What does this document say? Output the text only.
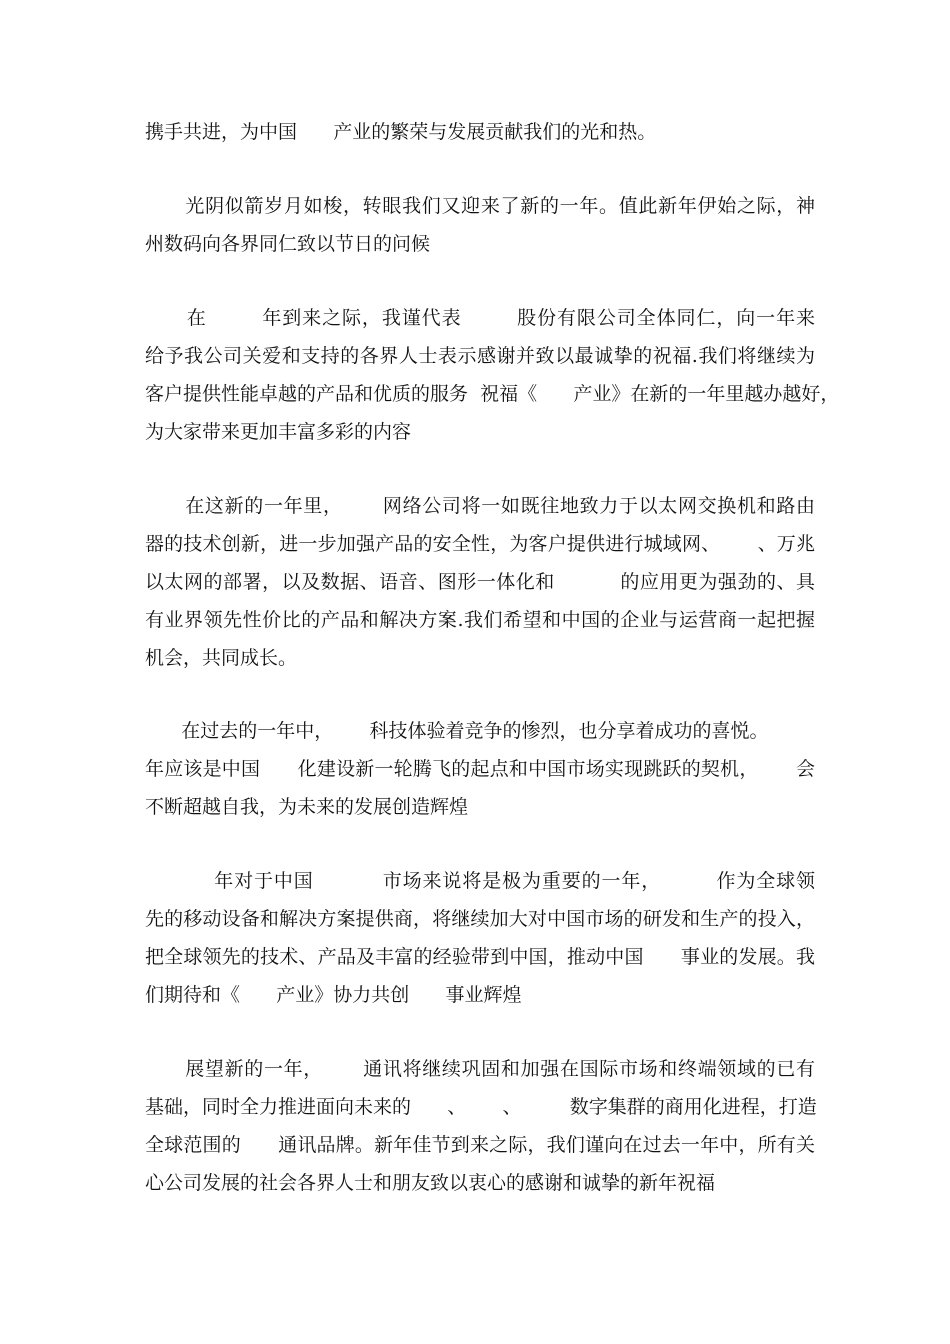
携手共进，为中国      产业的繁荣与发展贡献我们的光和热。
光阴似箭岁月如梭，转眼我们又迎来了新的一年。值此新年伊始之际，神
州数码向各界同仁致以节日的问候
在        年到来之际，我谨代表        股份有限公司全体同仁，向一年来
给予我公司关爱和支持的各界人士表示感谢并致以最诚挚的祝福.我们将继续为
客户提供性能卓越的产品和优质的服务  祝福《      产业》在新的一年里越办越好，
为大家带来更加丰富多彩的内容
在这新的一年里，      网络公司将一如既往地致力于以太网交换机和路由
器的技术创新，进一步加强产品的安全性，为客户提供进行城域网、      、万兆
以太网的部署，以及数据、语音、图形一体化和          的应用更为强劲的、具
有业界领先性价比的产品和解决方案.我们希望和中国的企业与运营商一起把握
机会，共同成长。
在过去的一年中，      科技体验着竞争的惨烈，也分享着成功的喜悦。
年应该是中国      化建设新一轮腾飞的起点和中国市场实现跳跃的契机，      会
不断超越自我，为未来的发展创造辉煌
年对于中国          市场来说将是极为重要的一年，        作为全球领
先的移动设备和解决方案提供商，将继续加大对中国市场的研发和生产的投入，
把全球领先的技术、产品及丰富的经验带到中国，推动中国      事业的发展。我
们期待和《      产业》协力共创      事业辉煌
展望新的一年，      通讯将继续巩固和加强在国际市场和终端领域的已有
基础，同时全力推进面向未来的      、      、        数字集群的商用化进程，打造
全球范围的      通讯品牌。新年佳节到来之际，我们谨向在过去一年中，所有关
心公司发展的社会各界人士和朋友致以衷心的感谢和诚挚的新年祝福
